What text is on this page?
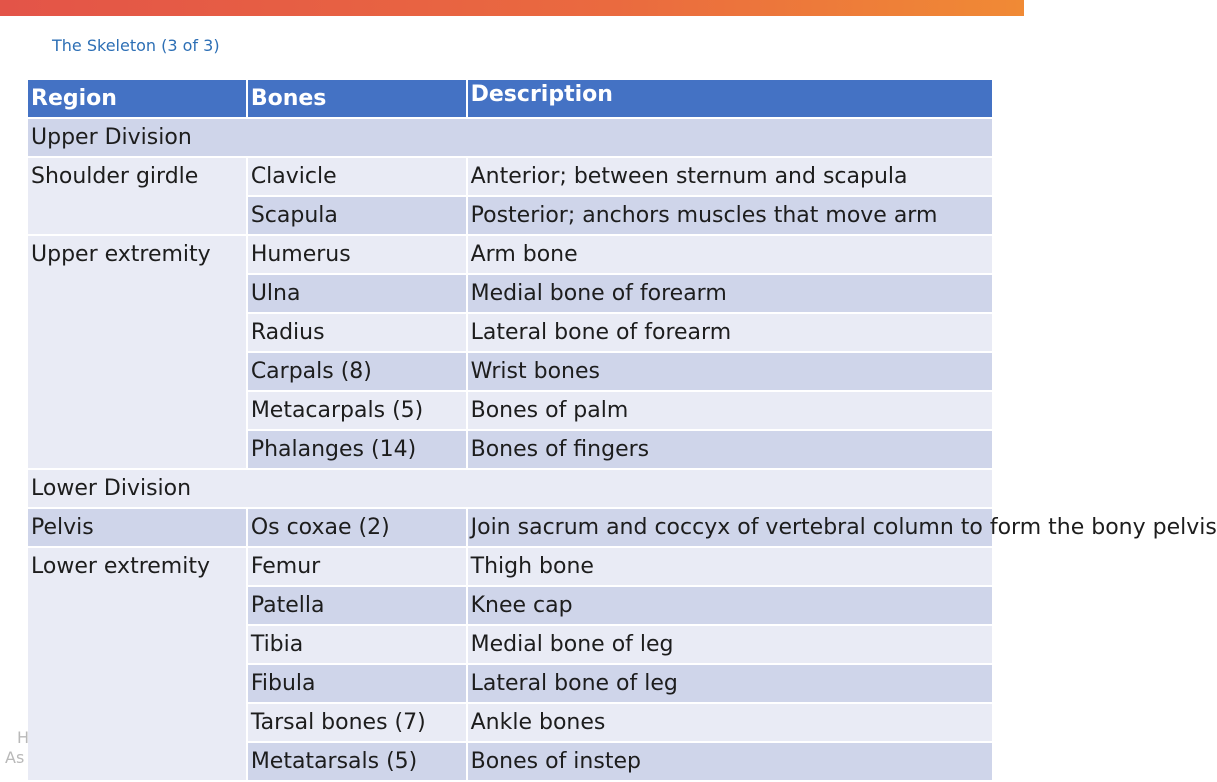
The Skeleton (3 of 3)
Region	Bones	Description
Upper Division		
Shoulder girdle	Clavicle	Anterior; between sternum and scapula
	Scapula	Posterior; anchors muscles that move arm
Upper extremity	Humerus	Arm bone
	Ulna	Medial bone of forearm
	Radius	Lateral bone of forearm
	Carpals (8)	Wrist bones
	Metacarpals (5)	Bones of palm
	Phalanges (14)	Bones of fingers
Lower Division		
Pelvis	Os coxae (2)	Join sacrum and coccyx of vertebral column to form the bony pelvis
Lower extremity	Femur	Thigh bone
	Patella	Knee cap
	Tibia	Medial bone of leg
	Fibula	Lateral bone of leg
	Tarsal bones (7)	Ankle bones
	Metatarsals (5)	Bones of instep
H
As
